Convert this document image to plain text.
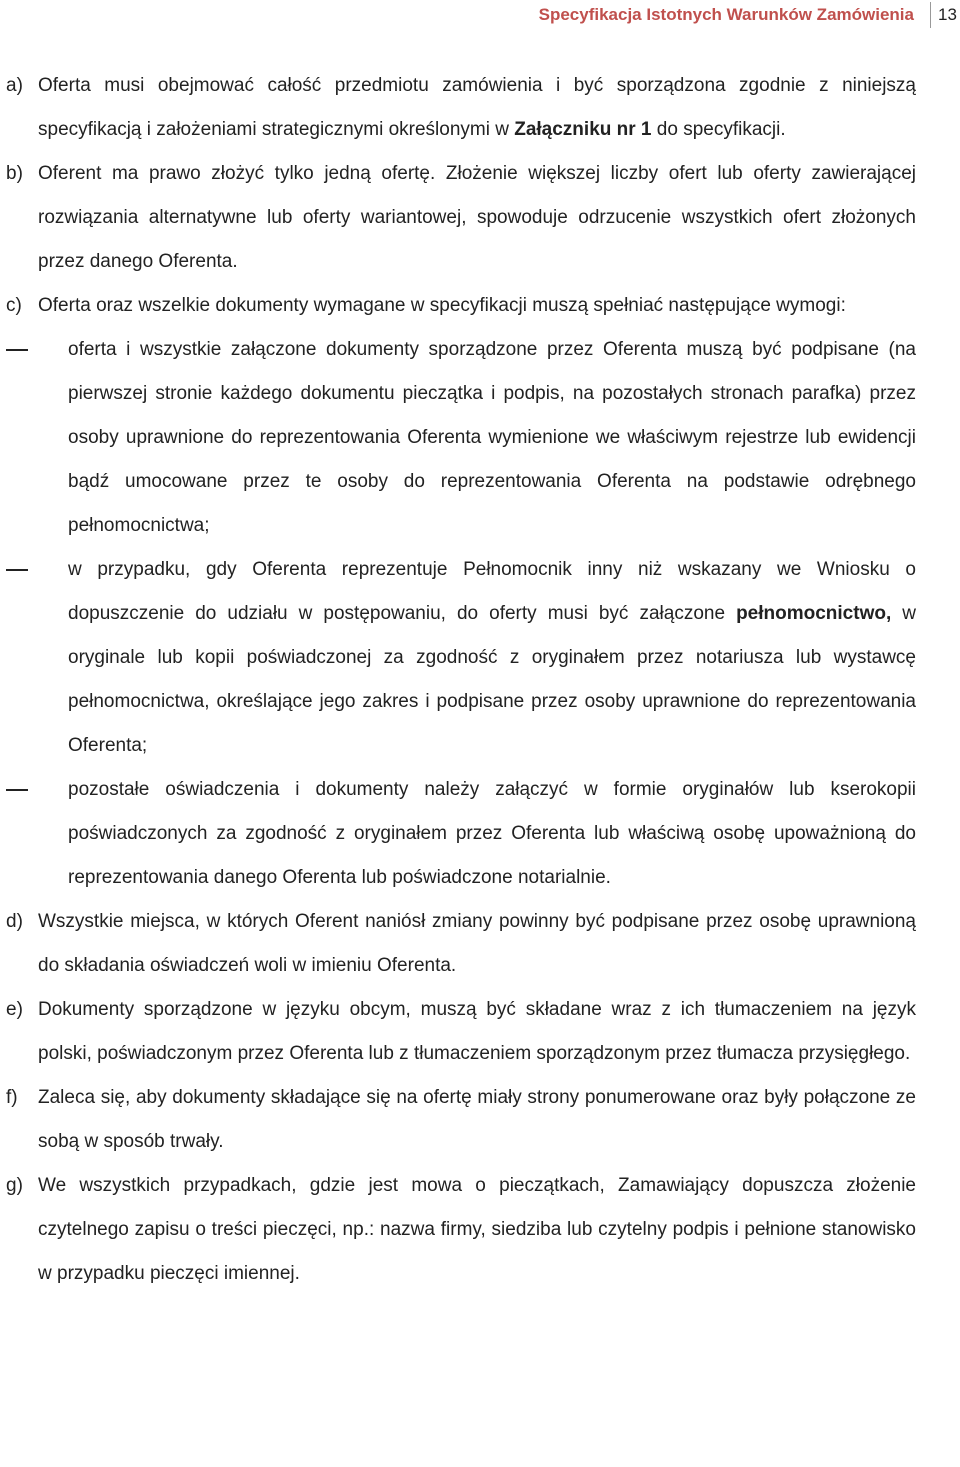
Specyfikacja Istotnych Warunków Zamówienia 13
a) Oferta musi obejmować całość przedmiotu zamówienia i być sporządzona zgodnie z niniejszą specyfikacją i założeniami strategicznymi określonymi w Załączniku nr 1 do specyfikacji.

b) Oferent ma prawo złożyć tylko jedną ofertę. Złożenie większej liczby ofert lub oferty zawierającej rozwiązania alternatywne lub oferty wariantowej, spowoduje odrzucenie wszystkich ofert złożonych przez danego Oferenta.

c) Oferta oraz wszelkie dokumenty wymagane w specyfikacji muszą spełniać następujące wymogi:

oferta i wszystkie załączone dokumenty sporządzone przez Oferenta muszą być podpisane (na pierwszej stronie każdego dokumentu pieczątka i podpis, na pozostałych stronach parafka) przez osoby uprawnione do reprezentowania Oferenta wymienione we właściwym rejestrze lub ewidencji bądź umocowane przez te osoby do reprezentowania Oferenta na podstawie odrębnego pełnomocnictwa;

w przypadku, gdy Oferenta reprezentuje Pełnomocnik inny niż wskazany we Wniosku o dopuszczenie do udziału w postępowaniu, do oferty musi być załączone pełnomocnictwo, w oryginale lub kopii poświadczonej za zgodność z oryginałem przez notariusza lub wystawcę pełnomocnictwa, określające jego zakres i podpisane przez osoby uprawnione do reprezentowania Oferenta;

pozostałe oświadczenia i dokumenty należy załączyć w formie oryginałów lub kserokopii poświadczonych za zgodność z oryginałem przez Oferenta lub właściwą osobę upoważnioną do reprezentowania danego Oferenta lub poświadczone notarialnie.

d) Wszystkie miejsca, w których Oferent naniósł zmiany powinny być podpisane przez osobę uprawnioną do składania oświadczeń woli w imieniu Oferenta.

e) Dokumenty sporządzone w języku obcym, muszą być składane wraz z ich tłumaczeniem na język polski, poświadczonym przez Oferenta lub z tłumaczeniem sporządzonym przez tłumacza przysięgłego.

f) Zaleca się, aby dokumenty składające się na ofertę miały strony ponumerowane oraz były połączone ze sobą w sposób trwały.

g) We wszystkich przypadkach, gdzie jest mowa o pieczątkach, Zamawiający dopuszcza złożenie czytelnego zapisu o treści pieczęci, np.: nazwa firmy, siedziba lub czytelny podpis i pełnione stanowisko w przypadku pieczęci imiennej.
